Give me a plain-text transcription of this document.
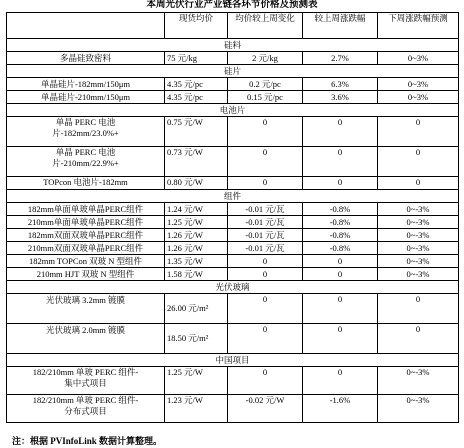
本周光伏行业产业链各环节价格及预测表
	现货均价	均价较上周变化	较上周涨跌幅	下周涨跌幅预测
硅料				
多晶硅致密料	75 元/kg	2 元/kg	2.7%	0~3%
硅片				
单晶硅片-182mm/150μm	4.35 元/pc	0.2 元/pc	6.3%	0~3%
单晶硅片-210mm/150μm	4.35 元/pc	0.15 元/pc	3.6%	0~3%
电池片				
单晶 PERC 电池片-182mm/23.0%+	0.75 元/W	0	0	0
单晶 PERC 电池片-210mm/22.9%+	0.73 元/W	0	0	0
TOPcon 电池片-182mm	0.80 元/W	0	0	0
组件				
182mm单面单玻单晶PERC组件	1.24 元/W	-0.01 元/瓦	-0.8%	0~-3%
210mm单面单玻单晶PERC组件	1.25 元/W	-0.01 元/瓦	-0.8%	0~-3%
182mm双面双玻单晶PERC组件	1.26 元/W	-0.01 元/瓦	-0.8%	0~-3%
210mm双面双玻单晶PERC组件	1.26 元/W	-0.01 元/瓦	-0.8%	0~-3%
182mm TOPCon 双玻 N 型组件	1.35 元/W	0	0	0~-3%
210mm HJT 双玻 N 型组件	1.58 元/W	0	0	0~-3%
光伏玻璃				
光伏玻璃 3.2mm 镀膜	26.00 元/m²	0	0	0
光伏玻璃 2.0mm 镀膜	18.50 元/m²	0	0	0
中国项目				
182/210mm 单玻 PERC 组件-集中式项目	1.25 元/W	0	0	0~-3%
182/210mm 单玻 PERC 组件-分布式项目	1.23 元/W	-0.02 元/W	-1.6%	0~-3%
注：根据 PVInfoLink 数据计算整理。
